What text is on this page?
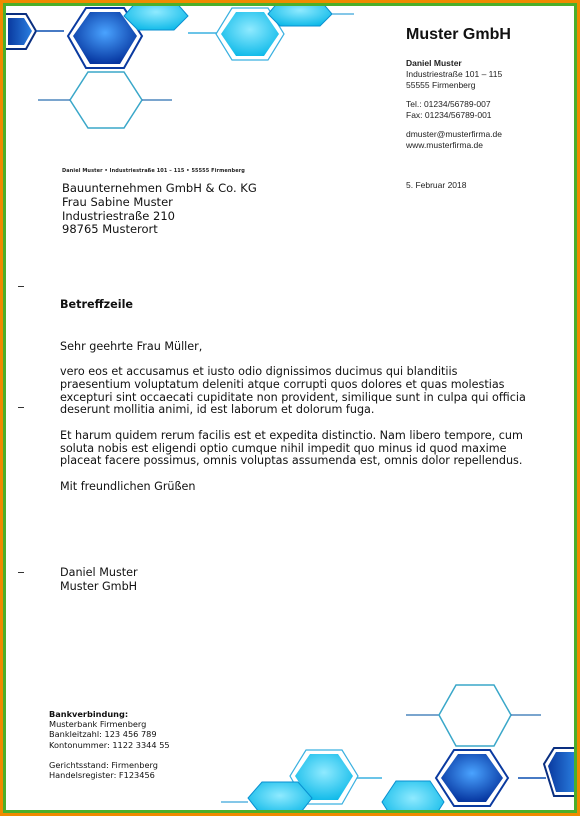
Muster GmbH
Daniel Muster
Industriestraße 101 – 115
55555 Firmenberg
Tel.: 01234/56789-007
Fax: 01234/56789-001
dmuster@musterfirma.de
www.musterfirma.de
5. Februar 2018
Daniel Muster • Industriestraße 101 – 115 • 55555 Firmenberg
Bauunternehmen GmbH & Co. KG
Frau Sabine Muster
Industriestraße 210
98765 Musterort

Betreffzeile

Sehr geehrte Frau Müller,

vero eos et accusamus et iusto odio dignissimos ducimus qui blanditiis praesentium voluptatum deleniti atque corrupti quos dolores et quas molestias excepturi sint occaecati cupiditate non provident, similique sunt in culpa qui officia deserunt mollitia animi, id est laborum et dolorum fuga.

Et harum quidem rerum facilis est et expedita distinctio. Nam libero tempore, cum soluta nobis est eligendi optio cumque nihil impedit quo minus id quod maxime placeat facere possimus, omnis voluptas assumenda est, omnis dolor repellendus.

Mit freundlichen Grüßen

Daniel Muster
Muster GmbH
Bankverbindung:
Musterbank Firmenberg
Bankleitzahl: 123 456 789
Kontonummer: 1122 3344 55
Gerichtsstand: Firmenberg
Handelsregister: F123456
